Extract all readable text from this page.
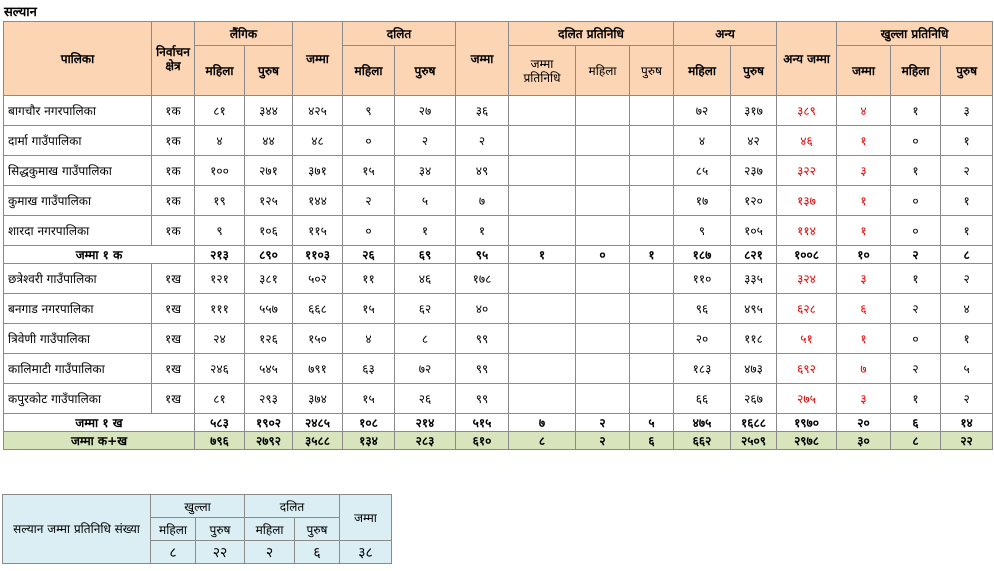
सल्यान
पालिका	निर्वाचन क्षेत्र	लैंगिक		जम्मा	दलित		जम्मा	दलित प्रतिनिधि			अन्य		अन्य जम्मा	खुल्ला प्रतिनिधि		
		महिला	पुरुष		महिला	पुरुष		जम्मा प्रतिनिधि	महिला	पुरुष	महिला	पुरुष		जम्मा	महिला	पुरुष

बागचौर नगरपालिका	१क	८१	३४४	४२५	९	२७	३६				७२	३१७	३८९	४	१	३
दार्मा गाउँपालिका	१क	४	४४	४८	०	२	२				४	४२	४६	१	०	१
सिद्धकुमाख गाउँपालिका	१क	१००	२७१	३७१	१५	३४	४९				८५	२३७	३२२	३	१	२
कुमाख गाउँपालिका	१क	१९	१२५	१४४	२	५	७				१७	१२०	१३७	१	०	१
शारदा नगरपालिका	१क	९	१०६	११५	०	१	१				९	१०५	११४	१	०	१
जम्मा १ क		२१३	८९०	११०३	२६	६९	९५	१	०	१	१८७	८२१	१००८	१०	२	८
छत्रेश्वरी गाउँपालिका	१ख	१२१	३८१	५०२	११	४६	१७८				११०	३३५	३२४	३	१	२
बनगाड नगरपालिका	१ख	१११	५५७	६६८	१५	६२	४०				९६	४९५	६२८	६	२	४
त्रिवेणी गाउँपालिका	१ख	२४	१२६	१५०	४	८	९९				२०	११८	५१	१	०	१
कालिमाटी गाउँपालिका	१ख	२४६	५४५	७९१	६३	७२	९९				१८३	४७३	६९२	७	२	५
कपुरकोट गाउँपालिका	१ख	८१	२९३	३७४	१५	२६	९९				६६	२६७	२७५	३	१	२
जम्मा १ ख		५८३	१९०२	२४८५	१०८	२१४	५१५	७	२	५	४७५	१६८८	१९७०	२०	६	१४
जम्मा क+ख		७९६	२७९२	३५८८	१३४	२८३	६१०	८	२	६	६६२	२५०९	२९७८	३०	८	२२
सल्यान जम्मा प्रतिनिधि संख्या	खुल्ला		दलित		जम्मा
	महिला	पुरुष	महिला	पुरुष	
	८	२२	२	६	३८
